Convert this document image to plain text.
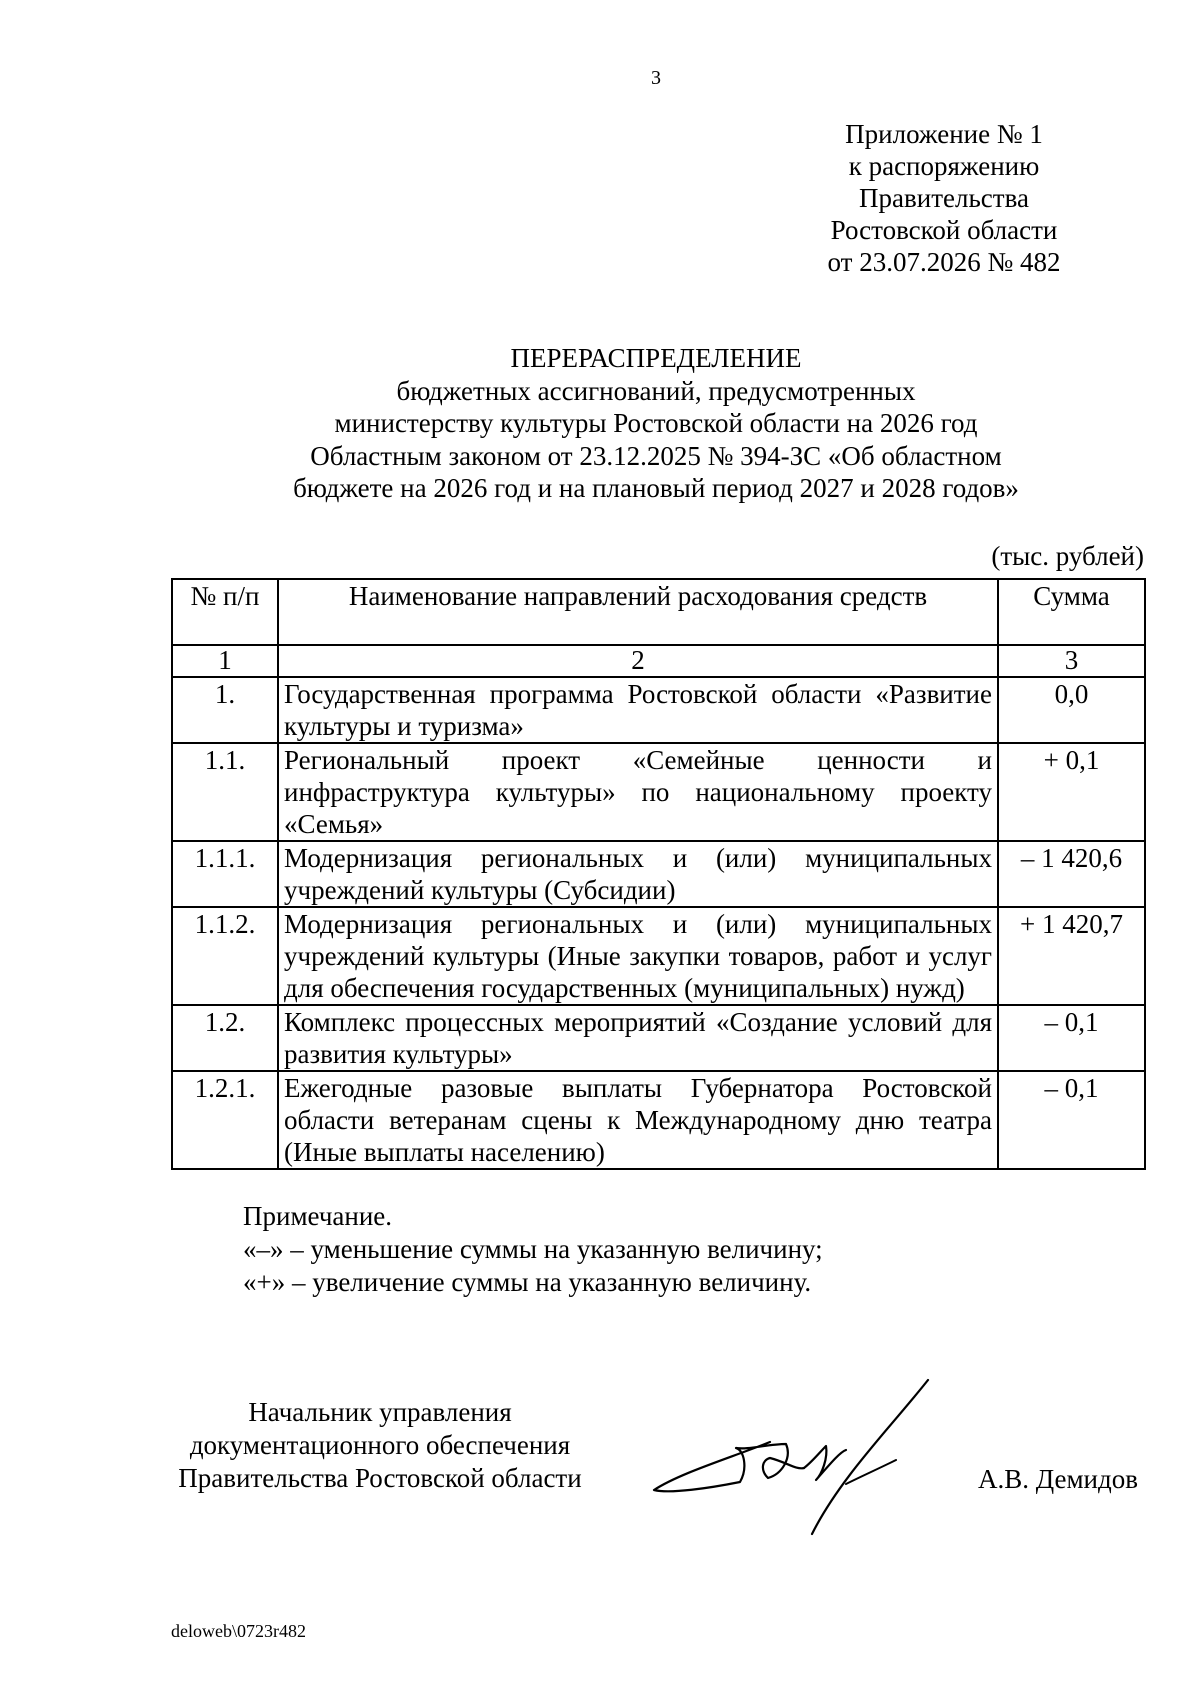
3
Приложение № 1
к распоряжению
Правительства
Ростовской области
от 23.07.2026 № 482
ПЕРЕРАСПРЕДЕЛЕНИЕ
бюджетных ассигнований, предусмотренных
министерству культуры Ростовской области на 2026 год
Областным законом от 23.12.2025 № 394-ЗС «Об областном
бюджете на 2026 год и на плановый период 2027 и 2028 годов»
(тыс. рублей)
№ п/п	Наименование направлений расходования средств	Сумма
1	2	3
1.	Государственная программа Ростовской области «Развитие культуры и туризма»	0,0
1.1.	Региональный проект «Семейные ценности и инфраструктура культуры» по национальному проекту «Семья»	+ 0,1
1.1.1.	Модернизация региональных и (или) муниципальных учреждений культуры (Субсидии)	– 1 420,6
1.1.2.	Модернизация региональных и (или) муниципальных учреждений культуры (Иные закупки товаров, работ и услуг для обеспечения государственных (муниципальных) нужд)	+ 1 420,7
1.2.	Комплекс процессных мероприятий «Создание условий для развития культуры»	– 0,1
1.2.1.	Ежегодные разовые выплаты Губернатора Ростовской области ветеранам сцены к Международному дню театра (Иные выплаты населению)	– 0,1
Примечание.
«–» – уменьшение суммы на указанную величину;
«+» – увеличение суммы на указанную величину.
Начальник управления
документационного обеспечения
Правительства Ростовской области	А.В. Демидов
deloweb\0723r482
